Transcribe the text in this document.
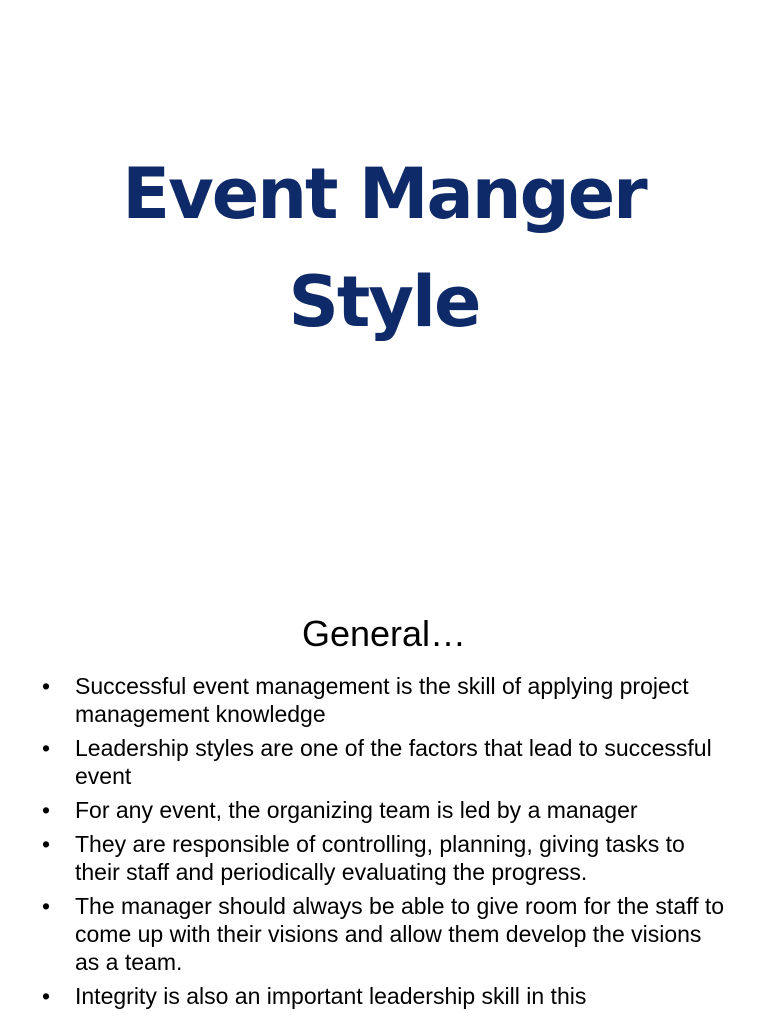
Event Manger
Style
General…
•	Successful event management is the skill of applying project management knowledge
•	Leadership styles are one of the factors that lead to successful event
•	For any event, the organizing team is led by a manager
•	They are responsible of controlling, planning, giving tasks to their staff and periodically evaluating the progress.
•	The manager should always be able to give room for the staff to come up with their visions and allow them develop the visions as a team.
•	Integrity is also an important leadership skill in this
